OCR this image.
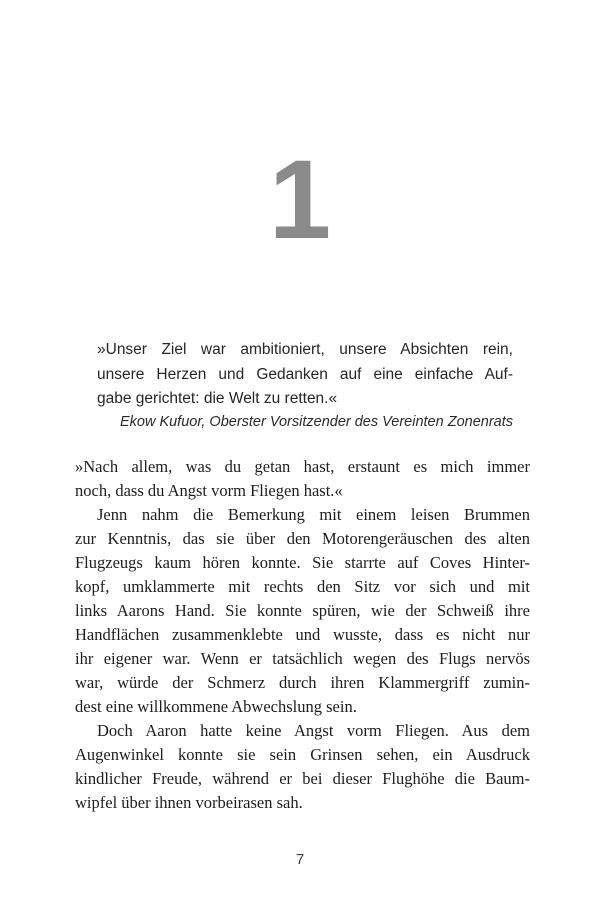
1
»Unser Ziel war ambitioniert, unsere Absichten rein,
unsere Herzen und Gedanken auf eine einfache Auf-
gabe gerichtet: die Welt zu retten.«
Ekow Kufuor, Oberster Vorsitzender des Vereinten Zonenrats
»Nach allem, was du getan hast, erstaunt es mich immer
noch, dass du Angst vorm Fliegen hast.«
Jenn nahm die Bemerkung mit einem leisen Brummen
zur Kenntnis, das sie über den Motorengeräuschen des alten
Flugzeugs kaum hören konnte. Sie starrte auf Coves Hinter-
kopf, umklammerte mit rechts den Sitz vor sich und mit
links Aarons Hand. Sie konnte spüren, wie der Schweiß ihre
Handflächen zusammenklebte und wusste, dass es nicht nur
ihr eigener war. Wenn er tatsächlich wegen des Flugs nervös
war, würde der Schmerz durch ihren Klammergriff zumin-
dest eine willkommene Abwechslung sein.
Doch Aaron hatte keine Angst vorm Fliegen. Aus dem
Augenwinkel konnte sie sein Grinsen sehen, ein Ausdruck
kindlicher Freude, während er bei dieser Flughöhe die Baum-
wipfel über ihnen vorbeirasen sah.
7
